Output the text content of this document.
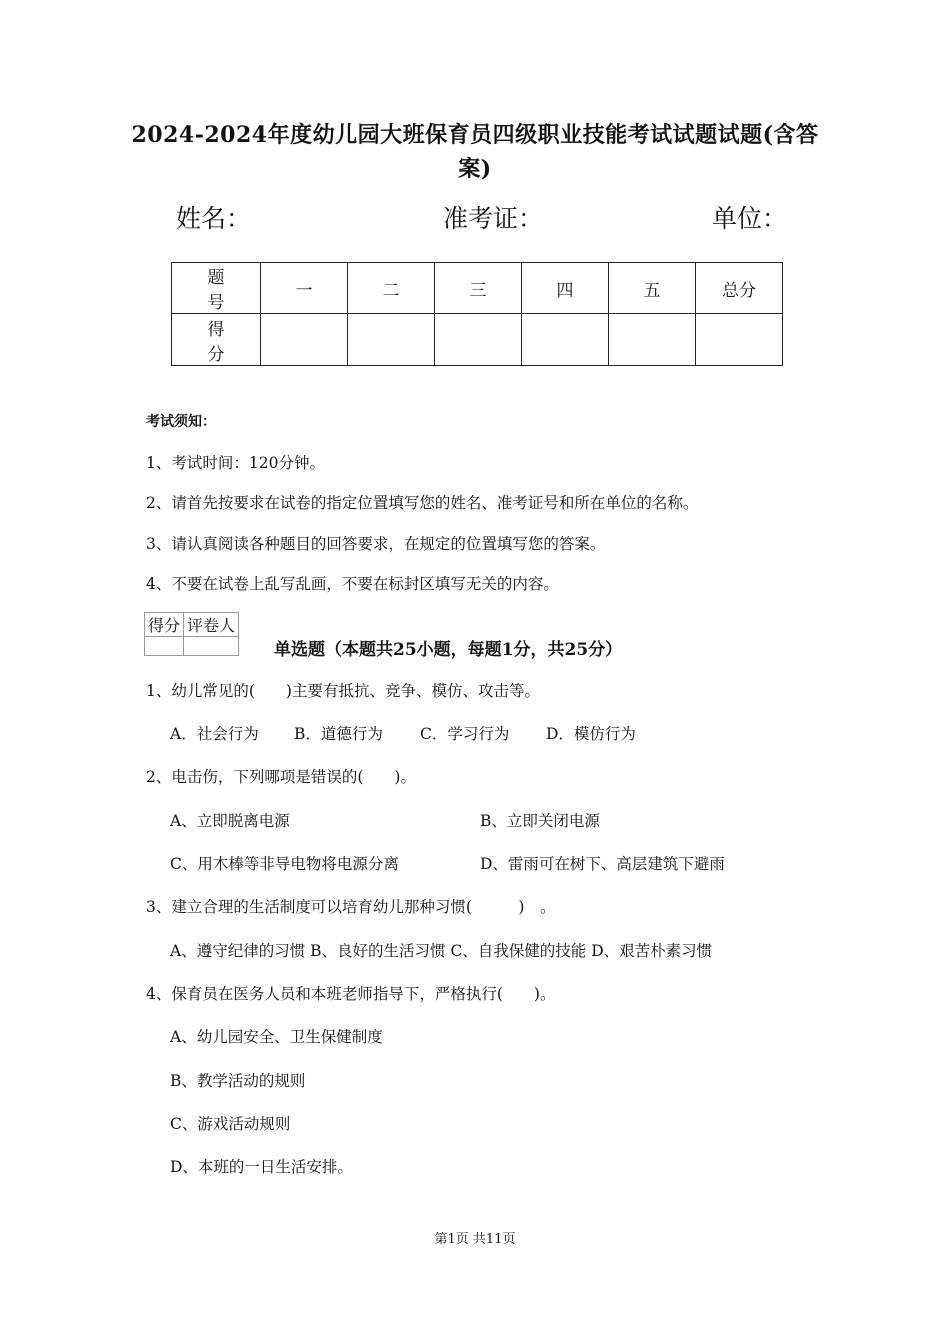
2024-2024年度幼儿园大班保育员四级职业技能考试试题试题(含答案)
姓名：	准考证：	单位：
题　号	一	二	三	四	五	总分
得　分						
考试须知：
1、考试时间：120分钟。
2、请首先按要求在试卷的指定位置填写您的姓名、准考证号和所在单位的名称。
3、请认真阅读各种题目的回答要求，在规定的位置填写您的答案。
4、不要在试卷上乱写乱画，不要在标封区填写无关的内容。
得分	评卷人

单选题（本题共25小题，每题1分，共25分）
1、幼儿常见的(　　)主要有抵抗、竞争、模仿、攻击等。
A．社会行为 B．道德行为 C．学习行为 D．模仿行为
2、电击伤，下列哪项是错误的(　　)。
A、立即脱离电源	B、立即关闭电源
C、用木棒等非导电物将电源分离	D、雷雨可在树下、高层建筑下避雨
3、建立合理的生活制度可以培育幼儿那种习惯(　　　)　。
A、遵守纪律的习惯 B、良好的生活习惯 C、自我保健的技能 D、艰苦朴素习惯
4、保育员在医务人员和本班老师指导下，严格执行(　　)。
A、幼儿园安全、卫生保健制度
B、教学活动的规则
C、游戏活动规则
D、本班的一日生活安排。
第1页 共11页
